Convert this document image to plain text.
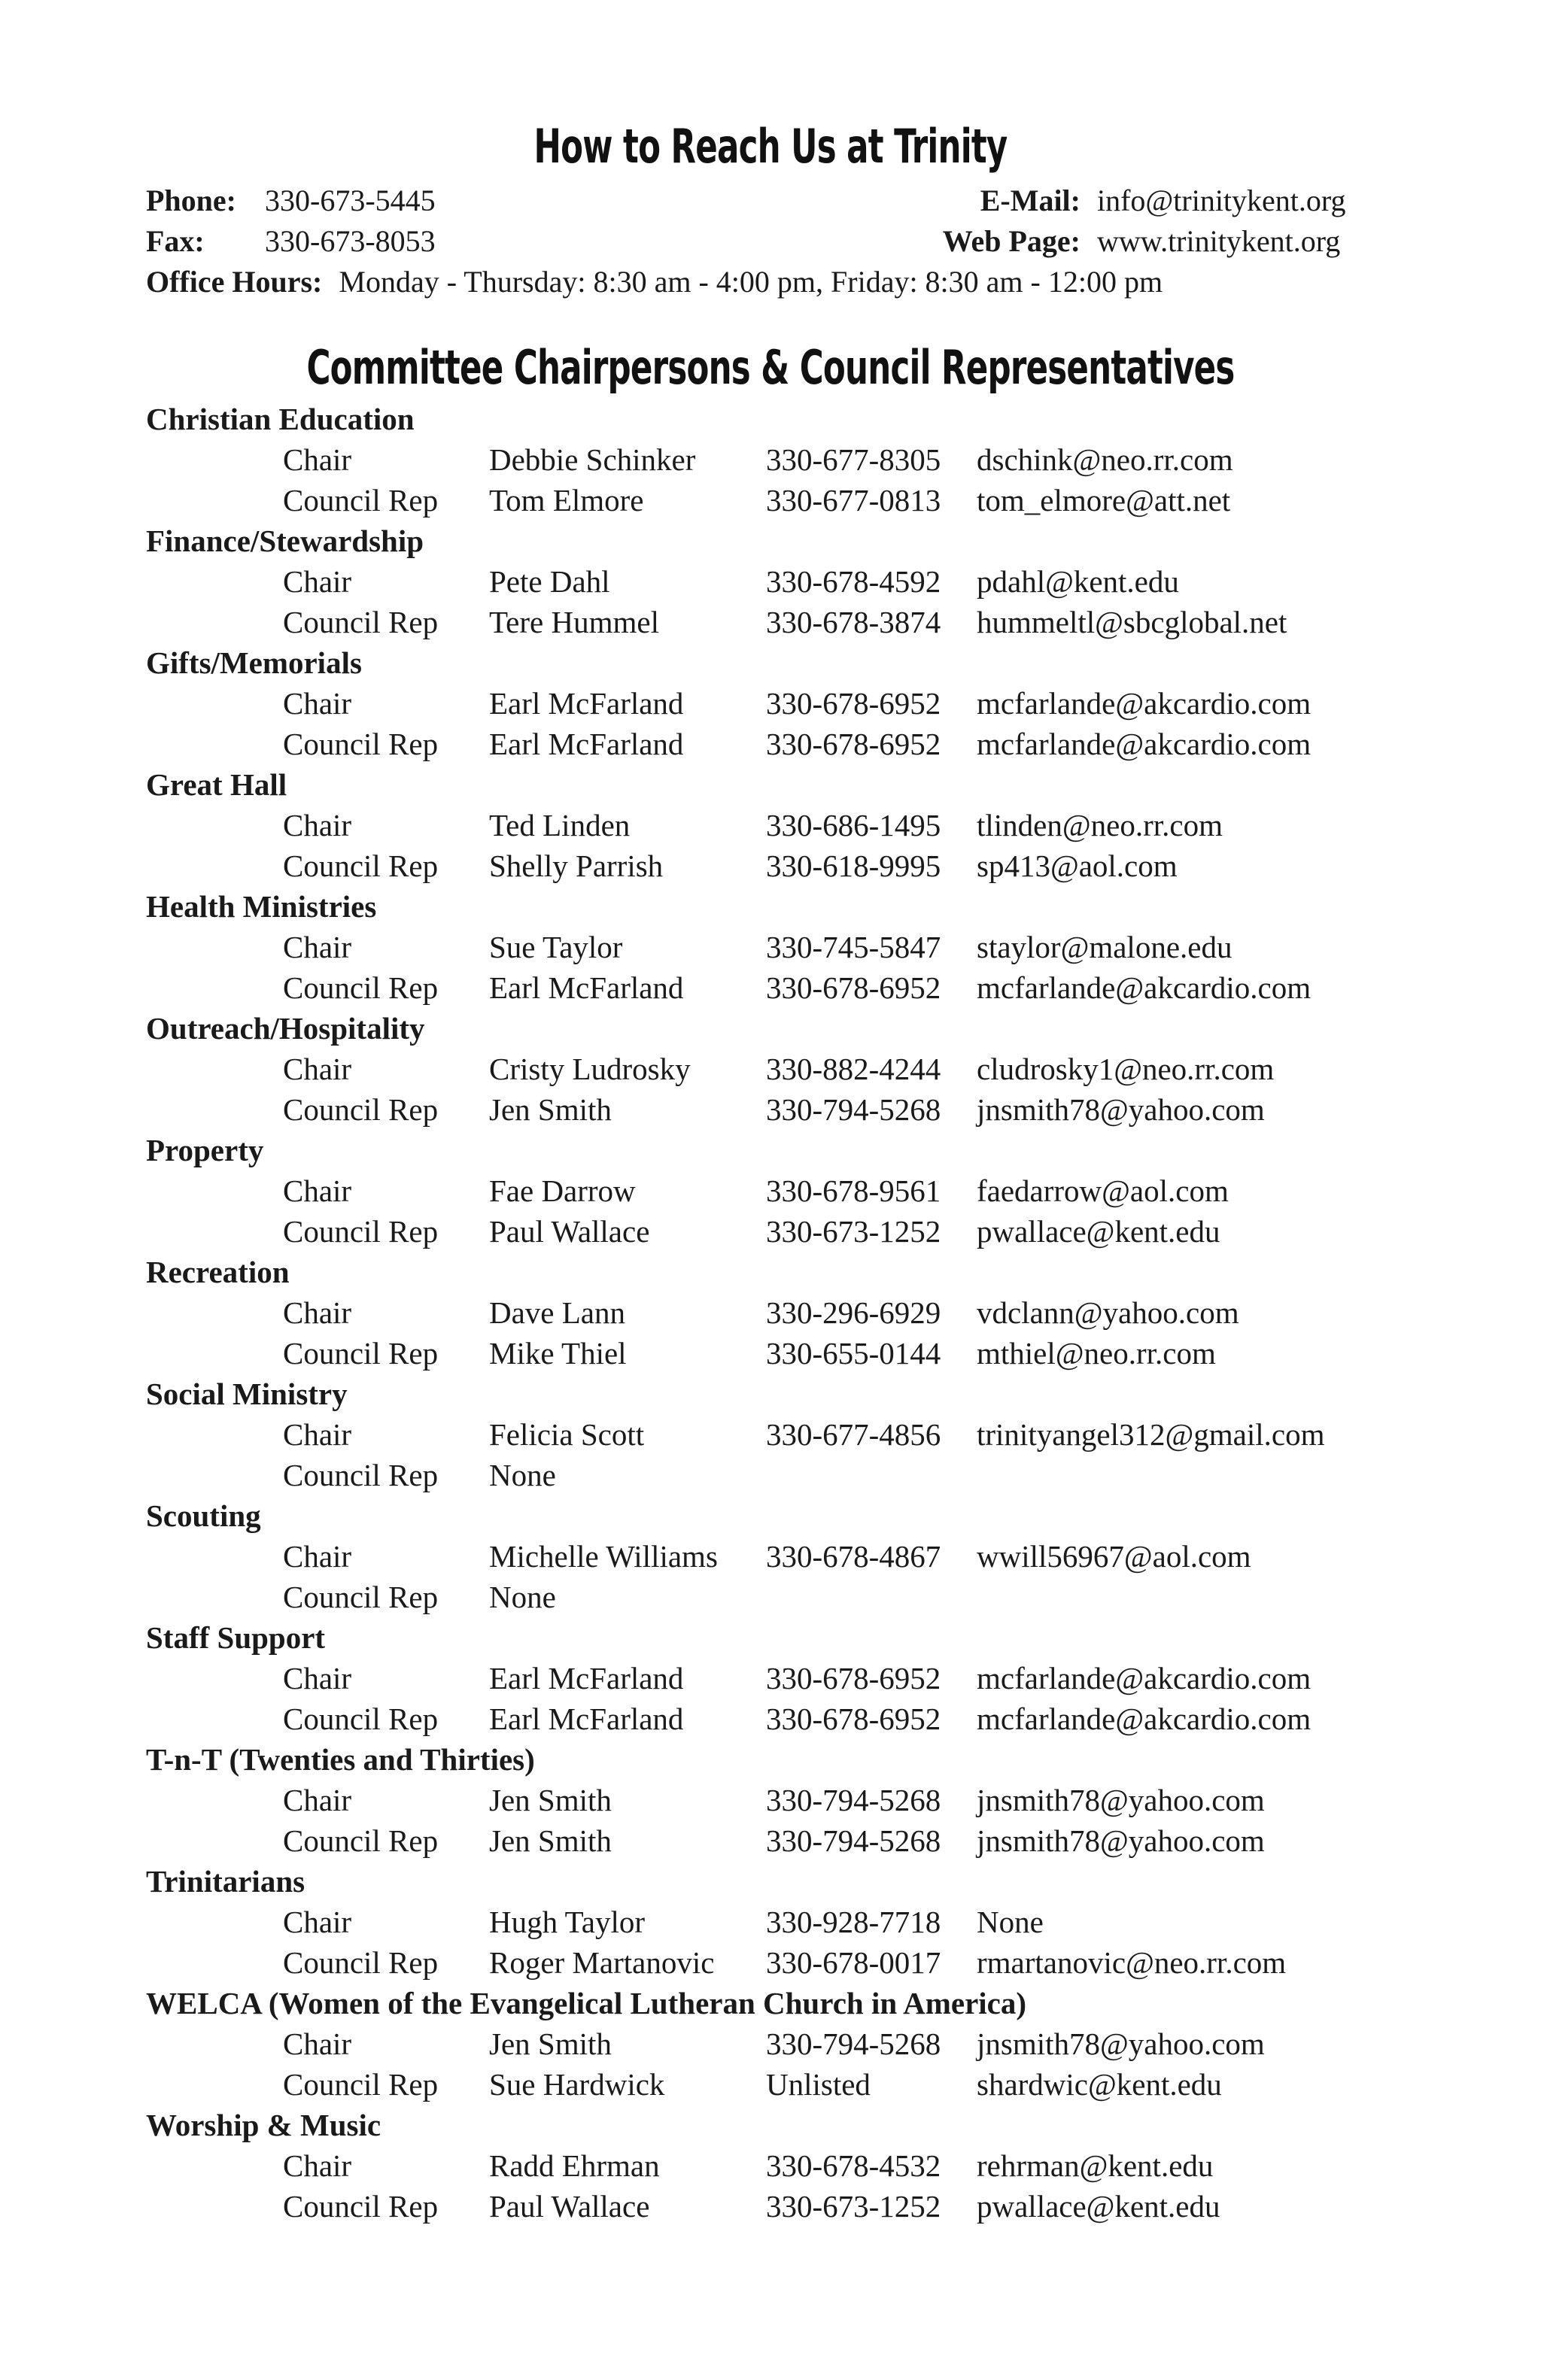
How to Reach Us at Trinity
Phone: 330-673-5445	E-Mail: info@trinitykent.org
Fax: 330-673-8053	Web Page: www.trinitykent.org
Office Hours: Monday - Thursday: 8:30 am - 4:00 pm, Friday: 8:30 am - 12:00 pm
Committee Chairpersons & Council Representatives
Christian Education
Chair	Debbie Schinker 330-677-8305 dschink@neo.rr.com
Council Rep Tom Elmore	330-677-0813 tom_elmore@att.net
Finance/Stewardship
Chair	Pete Dahl	330-678-4592 pdahl@kent.edu
Council Rep Tere Hummel	330-678-3874 hummeltl@sbcglobal.net
Gifts/Memorials
Chair	Earl McFarland	330-678-6952 mcfarlande@akcardio.com
Council Rep Earl McFarland	330-678-6952 mcfarlande@akcardio.com
Great Hall
Chair	Ted Linden	330-686-1495 tlinden@neo.rr.com
Council Rep Shelly Parrish	330-618-9995 sp413@aol.com
Health Ministries
Chair	Sue Taylor	330-745-5847 staylor@malone.edu
Council Rep Earl McFarland	330-678-6952 mcfarlande@akcardio.com
Outreach/Hospitality
Chair	Cristy Ludrosky 330-882-4244 cludrosky1@neo.rr.com
Council Rep Jen Smith	330-794-5268 jnsmith78@yahoo.com
Property
Chair	Fae Darrow	330-678-9561 faedarrow@aol.com
Council Rep Paul Wallace	330-673-1252 pwallace@kent.edu
Recreation
Chair	Dave Lann	330-296-6929 vdclann@yahoo.com
Council Rep Mike Thiel	330-655-0144 mthiel@neo.rr.com
Social Ministry
Chair	Felicia Scott	330-677-4856 trinityangel312@gmail.com
Council Rep None
Scouting
Chair	Michelle Williams 330-678-4867 wwill56967@aol.com
Council Rep None
Staff Support
Chair	Earl McFarland	330-678-6952 mcfarlande@akcardio.com
Council Rep Earl McFarland	330-678-6952 mcfarlande@akcardio.com
T-n-T (Twenties and Thirties)
Chair	Jen Smith	330-794-5268 jnsmith78@yahoo.com
Council Rep Jen Smith	330-794-5268 jnsmith78@yahoo.com
Trinitarians
Chair	Hugh Taylor	330-928-7718 None
Council Rep Roger Martanovic 330-678-0017 rmartanovic@neo.rr.com
WELCA (Women of the Evangelical Lutheran Church in America)
Chair	Jen Smith	330-794-5268 jnsmith78@yahoo.com
Council Rep Sue Hardwick	Unlisted	shardwic@kent.edu
Worship & Music
Chair	Radd Ehrman	330-678-4532 rehrman@kent.edu
Council Rep Paul Wallace	330-673-1252 pwallace@kent.edu
